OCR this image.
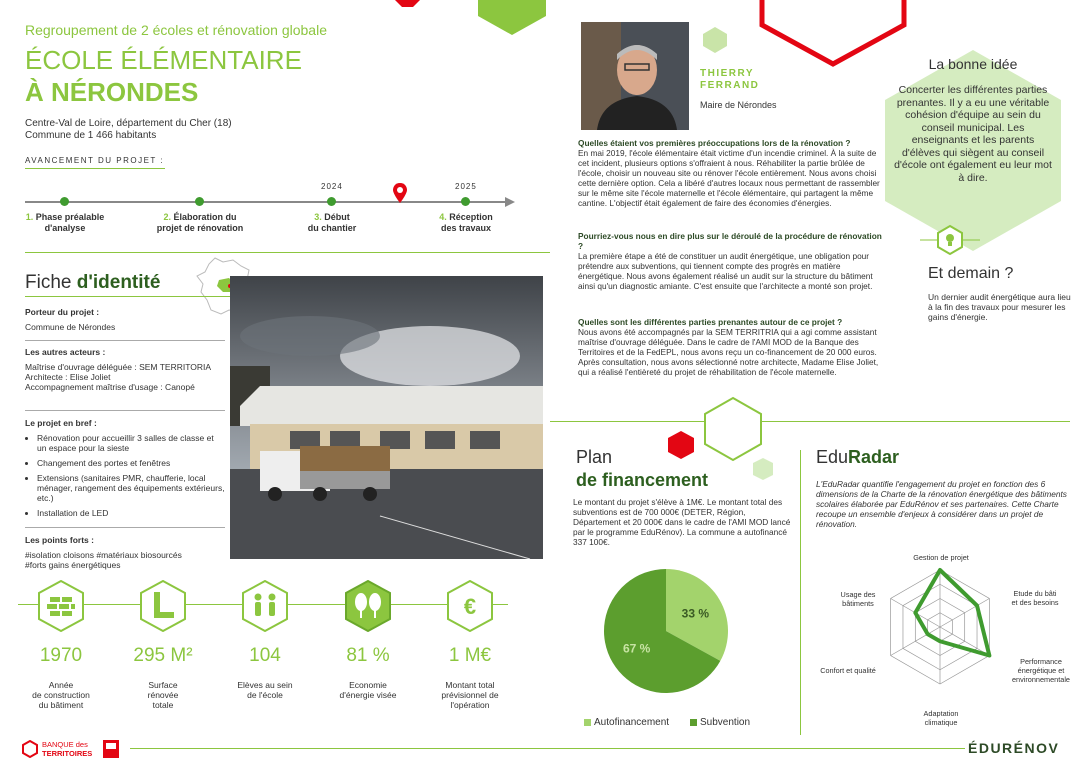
Regroupement de 2 écoles et rénovation globale
ÉCOLE ÉLÉMENTAIRE
À NÉRONDES
Centre-Val de Loire, département du Cher (18)
Commune de 1 466 habitants
AVANCEMENT DU PROJET :
2024	2025
1. Phase préalable
d'analyse
2. Élaboration du
projet de rénovation
3. Début
du chantier
4. Réception
des travaux
Fiche d'identité
Porteur du projet :
Commune de Nérondes
Les autres acteurs :
Maîtrise d'ouvrage déléguée : SEM TERRITORIA
Architecte : Elise Joliet
Accompagnement maîtrise d'usage : Canopé
Le projet en bref :
• Rénovation pour accueillir 3 salles de classe et un espace pour la sieste
• Changement des portes et fenêtres
• Extensions (sanitaires PMR, chaufferie, local ménager, rangement des équipements extérieurs, etc.)
• Installation de LED
Les points forts :
#isolation cloisons #matériaux biosourcés
#forts gains énergétiques
€
1970	295 M²	104	81 %	1 M€
Année
de construction
du bâtiment
Surface
rénovée
totale
Elèves au sein
de l'école
Economie
d'énergie visée
Montant total
prévisionnel de
l'opération
THIERRY
FERRAND
Maire de Nérondes
Quelles étaient vos premières préoccupations lors de la rénovation ?
En mai 2019, l'école élémentaire était victime d'un incendie criminel. À la suite de cet incident, plusieurs options s'offraient à nous. Réhabiliter la partie brûlée de l'école, choisir un nouveau site ou rénover l'école entièrement. Nous avons choisi cette dernière option. Cela a libéré d'autres locaux nous permettant de rassembler sur le même site l'école maternelle et l'école élémentaire, qui partagent la même cantine. L'objectif était également de faire des économies d'énergies.
Pourriez-vous nous en dire plus sur le déroulé de la procédure de rénovation ?
La première étape a été de constituer un audit énergétique, une obligation pour prétendre aux subventions, qui tiennent compte des progrès en matière énergétique. Nous avons également réalisé un audit sur la structure du bâtiment ainsi qu'un diagnostic amiante. C'est ensuite que l'architecte a monté son projet.
Quelles sont les différentes parties prenantes autour de ce projet ?
Nous avons été accompagnés par la SEM TERRITRIA qui a agi comme assistant maîtrise d'ouvrage déléguée. Dans le cadre de l'AMI MOD de la Banque des Territoires et de la FedEPL, nous avons reçu un co-financement de 20 000 euros. Après consultation, nous avons sélectionné notre architecte, Madame Elise Joliet, qui a réalisé l'entièreté du projet de réhabilitation de l'école maternelle.
La bonne idée
Concerter les différentes parties prenantes. Il y a eu une véritable cohésion d'équipe au sein du conseil municipal. Les enseignants et les parents d'élèves qui siègent au conseil d'école ont également eu leur mot à dire.
Et demain ?
Un dernier audit énergétique aura lieu à la fin des travaux pour mesurer les gains d'énergie.
Plan
de financement
Le montant du projet s'élève à 1M€. Le montant total des subventions est de 700 000€ (DETER, Région, Département et 20 000€ dans le cadre de l'AMI MOD lancé par le programme EduRénov). La commune a autofinancé 337 100€.
33 %
67 %
Autofinancement	Subvention
EduRadar
L'EduRadar quantifie l'engagement du projet en fonction des 6 dimensions de la Charte de la rénovation énergétique des bâtiments scolaires élaborée par EduRénov et ses partenaires. Cette Charte recoupe un ensemble d'enjeux à considérer dans un projet de rénovation.
Gestion de projet
Etude du bâti
et des besoins
Performance
énergétique et
environnementale
Adaptation
climatique
Confort et qualité
Usage des
bâtiments
BANQUE des
TERRITOIRES	ÉDURÉNOV
